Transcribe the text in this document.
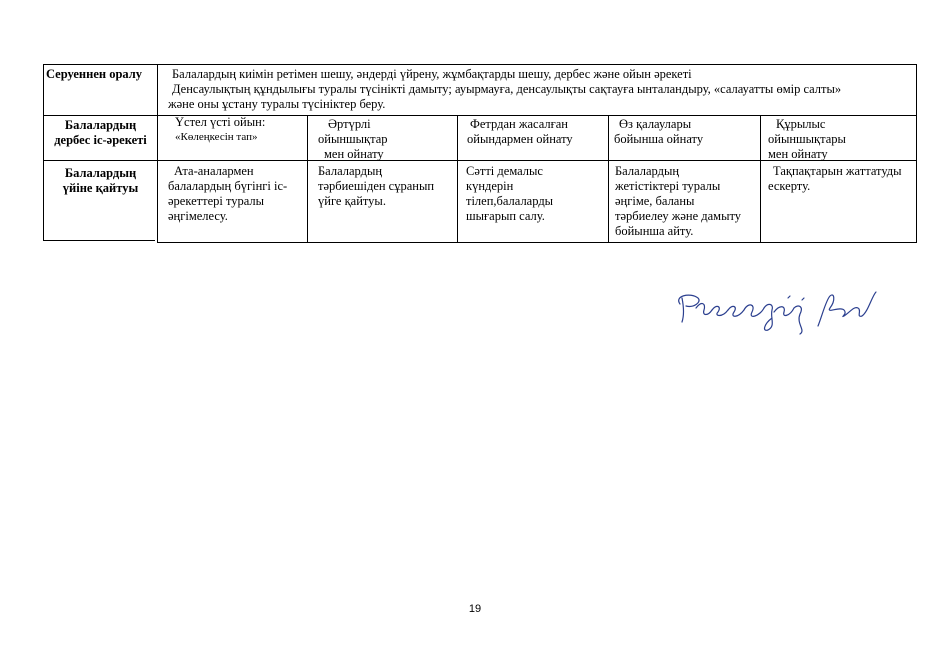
Серуеннен оралу	Балалардың киімін ретімен шешу, әндерді үйрену, жұмбақтарды шешу, дербес және ойын әрекеті
Денсаулықтың құндылығы туралы түсінікті дамыту; ауырмауға, денсаулықты сақтауға ынталандыру, «салауатты өмір салты»
және оны ұстану туралы түсініктер беру.
Балалардың
дербес іс-әрекеті
Үстел үсті ойын:
«Көлеңкесін тап»
Әртүрлі
ойыншықтар
мен ойнату
Фетрдан жасалған
ойындармен ойнату
Өз қалаулары
бойынша ойнату
Құрылыс
ойыншықтары
мен ойнату
Балалардың
үйіне қайтуы
Ата-аналармен
балалардың бүгінгі іс-
әрекеттері туралы
әңгімелесу.
Балалардың
тәрбиешіден сұранып
үйге қайтуы.
Сәтті демалыс
күндерін
тілеп,балаларды
шығарып салу.
Балалардың
жетістіктері туралы
әңгіме, баланы
тәрбиелеу және дамыту
бойынша айту.
Тақпақтарын жаттатуды
ескерту.
19
